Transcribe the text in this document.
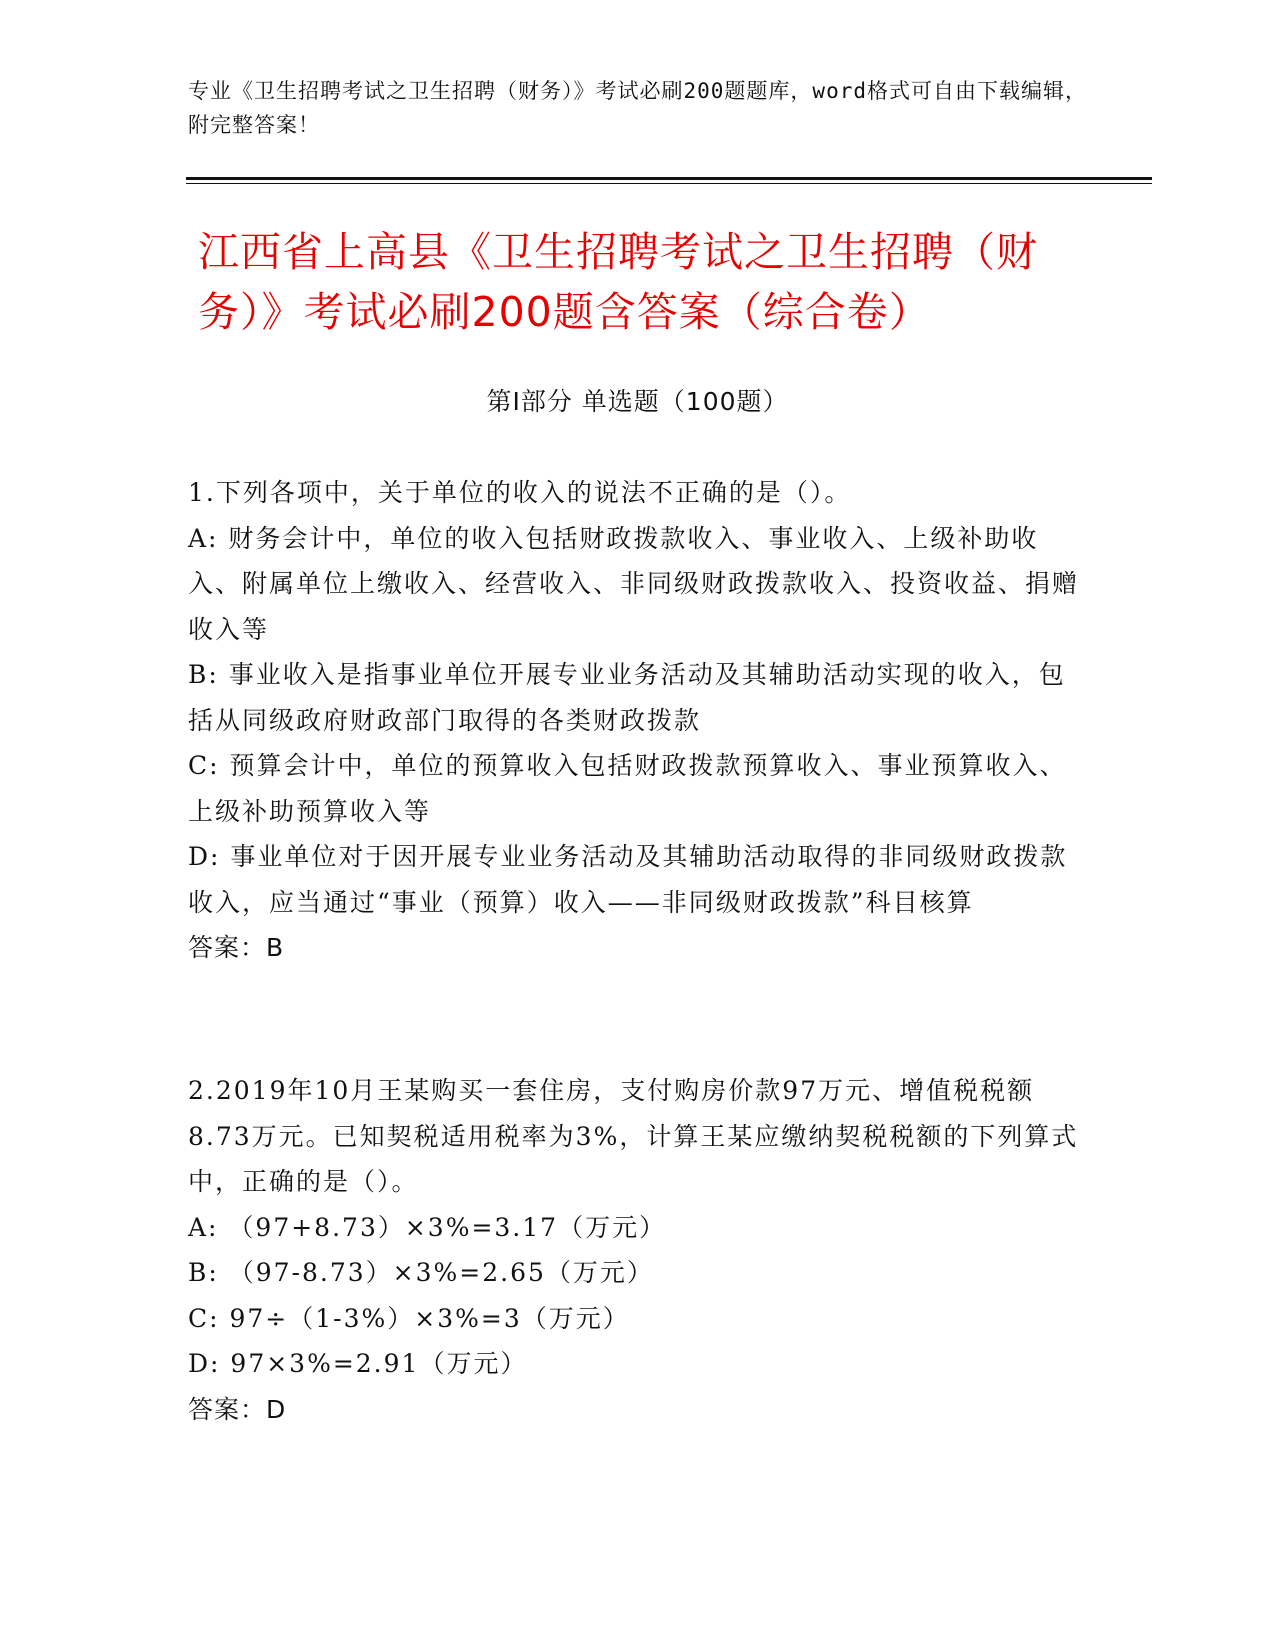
专业《卫生招聘考试之卫生招聘（财务）》考试必刷200题题库，word格式可自由下载编辑，附完整答案！
江西省上高县《卫生招聘考试之卫生招聘（财务）》考试必刷200题含答案（综合卷）
第I部分 单选题（100题）

1.下列各项中，关于单位的收入的说法不正确的是（）。

A: 财务会计中，单位的收入包括财政拨款收入、事业收入、上级补助收入、附属单位上缴收入、经营收入、非同级财政拨款收入、投资收益、捐赠收入等

B: 事业收入是指事业单位开展专业业务活动及其辅助活动实现的收入，包括从同级政府财政部门取得的各类财政拨款

C: 预算会计中，单位的预算收入包括财政拨款预算收入、事业预算收入、上级补助预算收入等

D: 事业单位对于因开展专业业务活动及其辅助活动取得的非同级财政拨款收入，应当通过“事业（预算）收入——非同级财政拨款”科目核算

答案：B

2.2019年10月王某购买一套住房，支付购房价款97万元、增值税税额8.73万元。已知契税适用税率为3%，计算王某应缴纳契税税额的下列算式中，正确的是（）。

A: （97+8.73）×3%=3.17（万元）

B: （97-8.73）×3%=2.65（万元）

C: 97÷（1-3%）×3%=3（万元）

D: 97×3%=2.91（万元）

答案：D
